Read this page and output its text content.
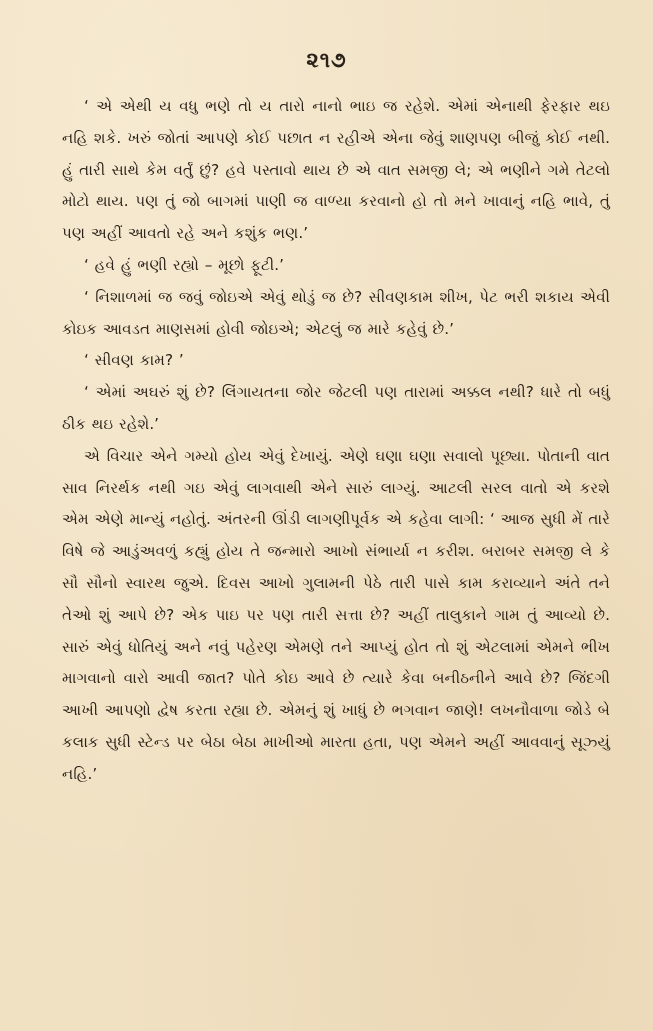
૨૧૭

‘ એ એથી ય વધુ ભણે તો ય તારો નાનો ભાઇ જ રહેશે. એમાં એનાથી ફેરફાર થઇ નહિ શકે. ખરું જોતાં આપણે કોઈ પછાત ન રહીએ એના જેવું શાણપણ બીજું કોઈ નથી. હું તારી સાથે કેમ વર્તું છું? હવે પસ્તાવો થાય છે એ વાત સમજી લે; એ ભણીને ગમે તેટલો મોટો થાય. પણ તું જો બાગમાં પાણી જ વાળ્યા કરવાનો હો તો મને ખાવાનું નહિ ભાવે, તું પણ અહીં આવતો રહે અને કશુંક ભણ.’

‘ હવે હું ભણી રહ્યો – મૂછો ફૂટી.’

‘ નિશાળમાં જ જવું જોઇએ એવું થોડું જ છે? સીવણકામ શીખ, પેટ ભરી શકાય એવી કોઇક આવડત માણસમાં હોવી જોઇએ; એટલું જ મારે કહેવું છે.’

‘ સીવણ કામ? ’

‘ એમાં અઘરું શું છે? લિંગાયતના જોર જેટલી પણ તારામાં અક્કલ નથી? ધારે તો બધું ઠીક થઇ રહેશે.’

એ વિચાર એને ગમ્યો હોય એવું દેખાયું. એણે ઘણા ઘણા સવાલો પૂછ્યા. પોતાની વાત સાવ નિરર્થક નથી ગઇ એવું લાગવાથી એને સારું લાગ્યું. આટલી સરલ વાતો એ કરશે એમ એણે માન્યું નહોતું. અંતરની ઊંડી લાગણીપૂર્વક એ કહેવા લાગી: ‘ આજ સુધી મેં તારે વિષે જે આડુંઅવળું કહ્યું હોય તે જન્મારો આખો સંભાર્યા ન કરીશ. બરાબર સમજી લે કે સૌ સૌનો સ્વારથ જુએ. દિવસ આખો ગુલામની પેઠે તારી પાસે કામ કરાવ્યાને અંતે તને તેઓ શું આપે છે? એક પાઇ પર પણ તારી સત્તા છે? અહીં તાલુકાને ગામ તું આવ્યો છે. સારું એવું ધોતિયું અને નવું પહેરણ એમણે તને આપ્યું હોત તો શું એટલામાં એમને ભીખ માગવાનો વારો આવી જાત? પોતે કોઇ આવે છે ત્યારે કેવા બનીઠનીને આવે છે? જિંદગી આખી આપણો દ્વેષ કરતા રહ્યા છે. એમનું શું ખાધું છે ભગવાન જાણે! લખનૌવાળા જોડે બે કલાક સુધી સ્ટેન્ડ પર બેઠા બેઠા માખીઓ મારતા હતા, પણ એમને અહીં આવવાનું સૂઝ્યું નહિ.’
